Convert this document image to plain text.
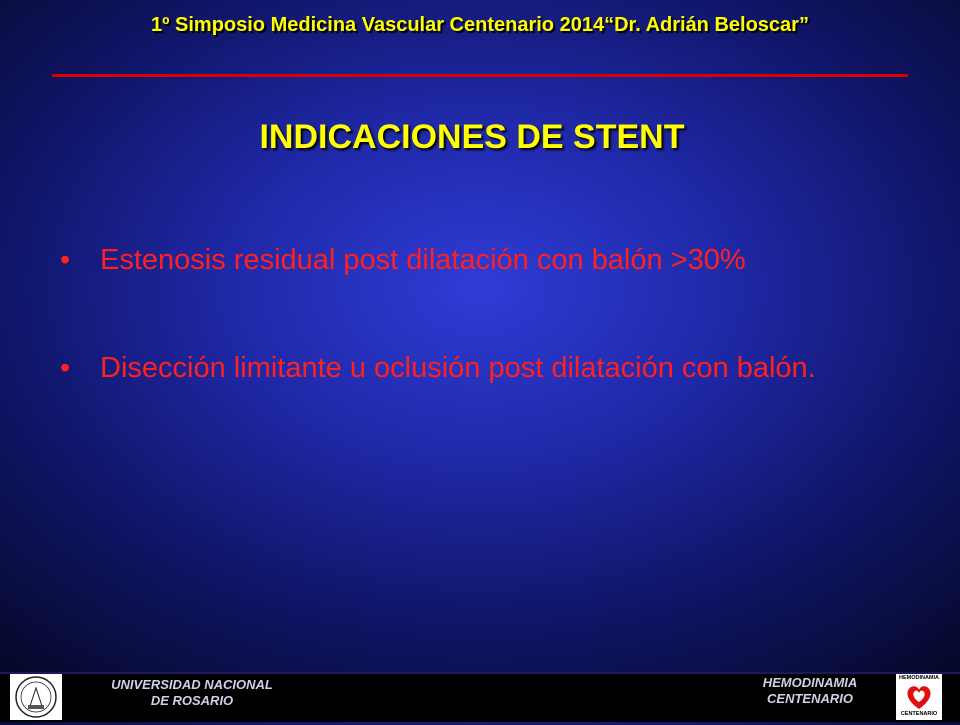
1º Simposio Medicina Vascular Centenario 2014“Dr. Adrián Beloscar”
INDICACIONES DE STENT
•	Estenosis residual post dilatación con balón >30%
•	Disección limitante u oclusión post dilatación con balón.
UNIVERSIDAD NACIONAL
DE ROSARIO
HEMODINAMIA
CENTENARIO
HEMODINAMIA
CENTENARIO
